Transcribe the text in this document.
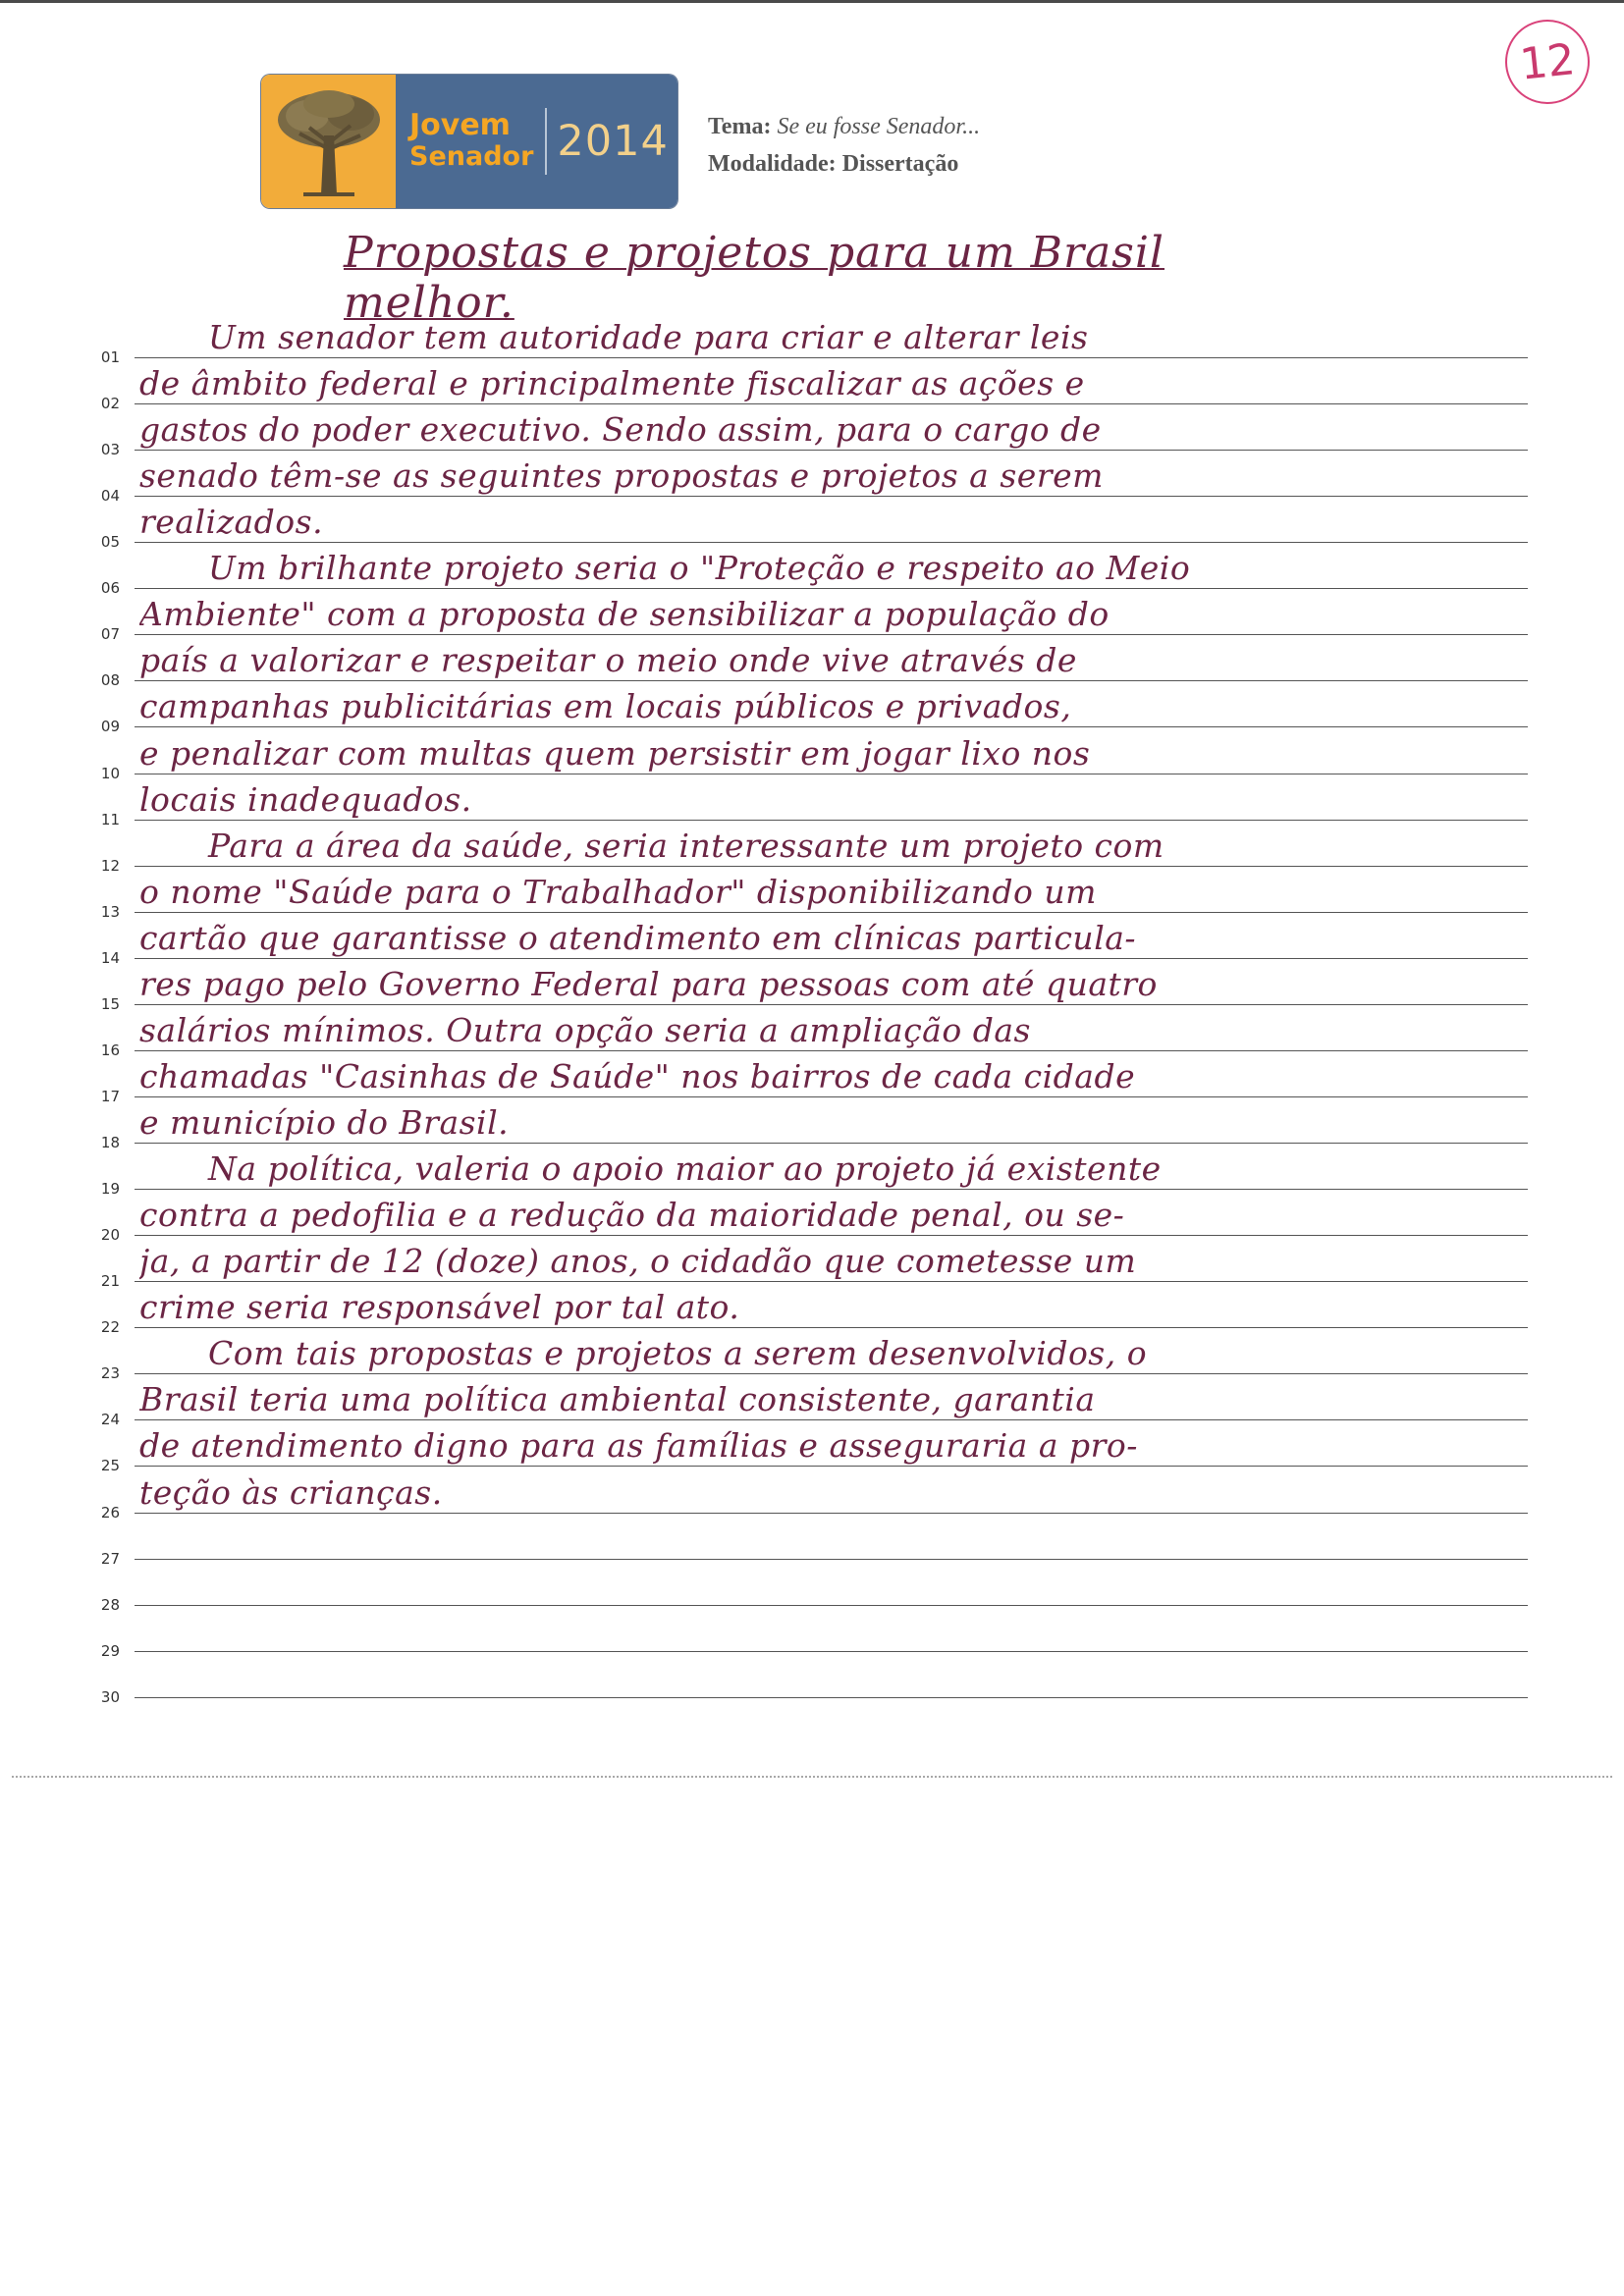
12
Jovem
Senador 2014 Tema: Se eu fosse Senador...
Modalidade: Dissertação
Propostas e projetos para um Brasil melhor.
01
Um senador tem autoridade para criar e alterar leis
02
de âmbito federal e principalmente fiscalizar as ações e
03
gastos do poder executivo. Sendo assim, para o cargo de
04
senado têm-se as seguintes propostas e projetos a serem
05
realizados.
06
Um brilhante projeto seria o "Proteção e respeito ao Meio
07
Ambiente" com a proposta de sensibilizar a população do
08
país a valorizar e respeitar o meio onde vive através de
09
campanhas publicitárias em locais públicos e privados,
10
e penalizar com multas quem persistir em jogar lixo nos
11
locais inadequados.
12
Para a área da saúde, seria interessante um projeto com
13
o nome "Saúde para o Trabalhador" disponibilizando um
14
cartão que garantisse o atendimento em clínicas particula-
15
res pago pelo Governo Federal para pessoas com até quatro
16
salários mínimos. Outra opção seria a ampliação das
17
chamadas "Casinhas de Saúde" nos bairros de cada cidade
18
e município do Brasil.
19
Na política, valeria o apoio maior ao projeto já existente
20
contra a pedofilia e a redução da maioridade penal, ou se-
21
ja, a partir de 12 (doze) anos, o cidadão que cometesse um
22
crime seria responsável por tal ato.
23
Com tais propostas e projetos a serem desenvolvidos, o
24
Brasil teria uma política ambiental consistente, garantia
25
de atendimento digno para as famílias e asseguraria a pro-
26
teção às crianças.
27
28
29
30
